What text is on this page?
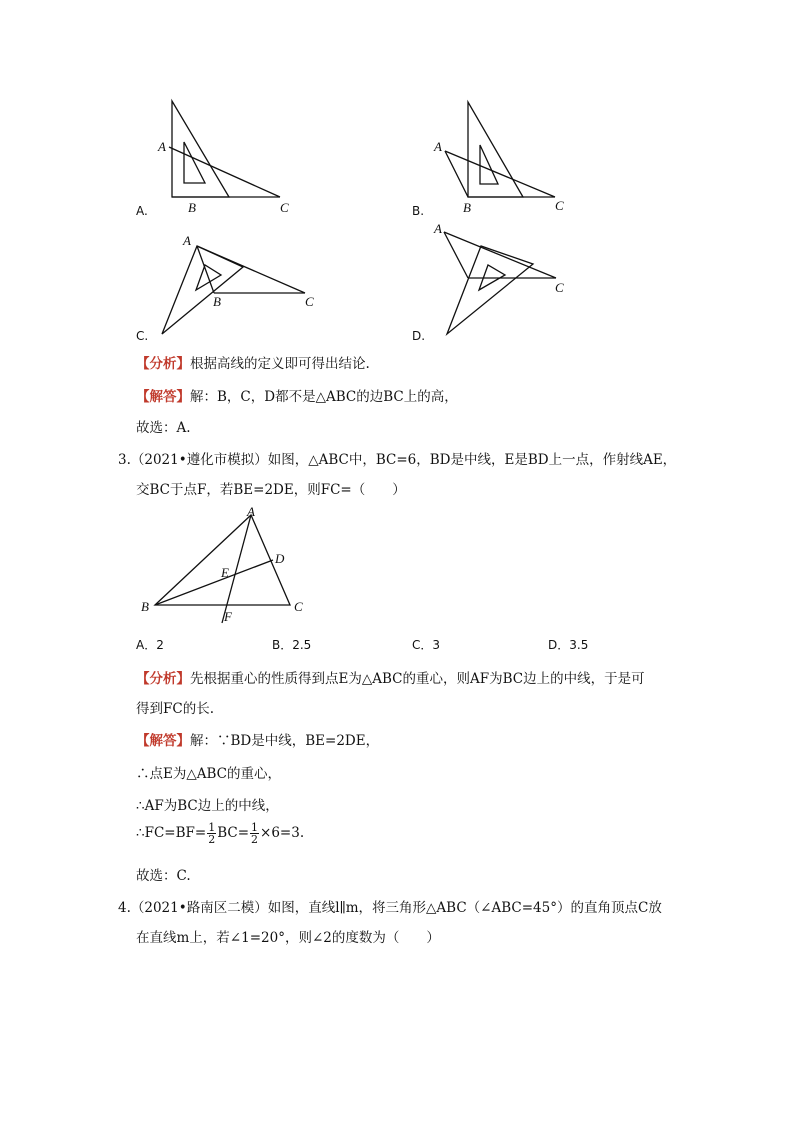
A
B	C
A.
A
B	C
B.
A
B	C
C.
A
C
D.
【分析】根据高线的定义即可得出结论.
【解答】解：B，C，D都不是△ABC的边BC上的高，
故选：A.
3.（2021•遵化市模拟）如图，△ABC中，BC=6，BD是中线，E是BD上一点，作射线AE，
交BC于点F，若BE=2DE，则FC=（　　）
A
B	C
D
E
F
A．2	B．2.5	C．3	D．3.5
【分析】先根据重心的性质得到点E为△ABC的重心，则AF为BC边上的中线，于是可
得到FC的长.
【解答】解：∵BD是中线，BE=2DE，
∴点E为△ABC的重心，
∴AF为BC边上的中线，
∴FC=BF= $\frac{1}{2} BC= \frac{1}{2} \times 6=3$.
故选：C.
4.（2021•路南区二模）如图，直线l∥m，将三角形△ABC（∠ABC=45°）的直角顶点C放
在直线m上，若∠1=20°，则∠2的度数为（　　）
